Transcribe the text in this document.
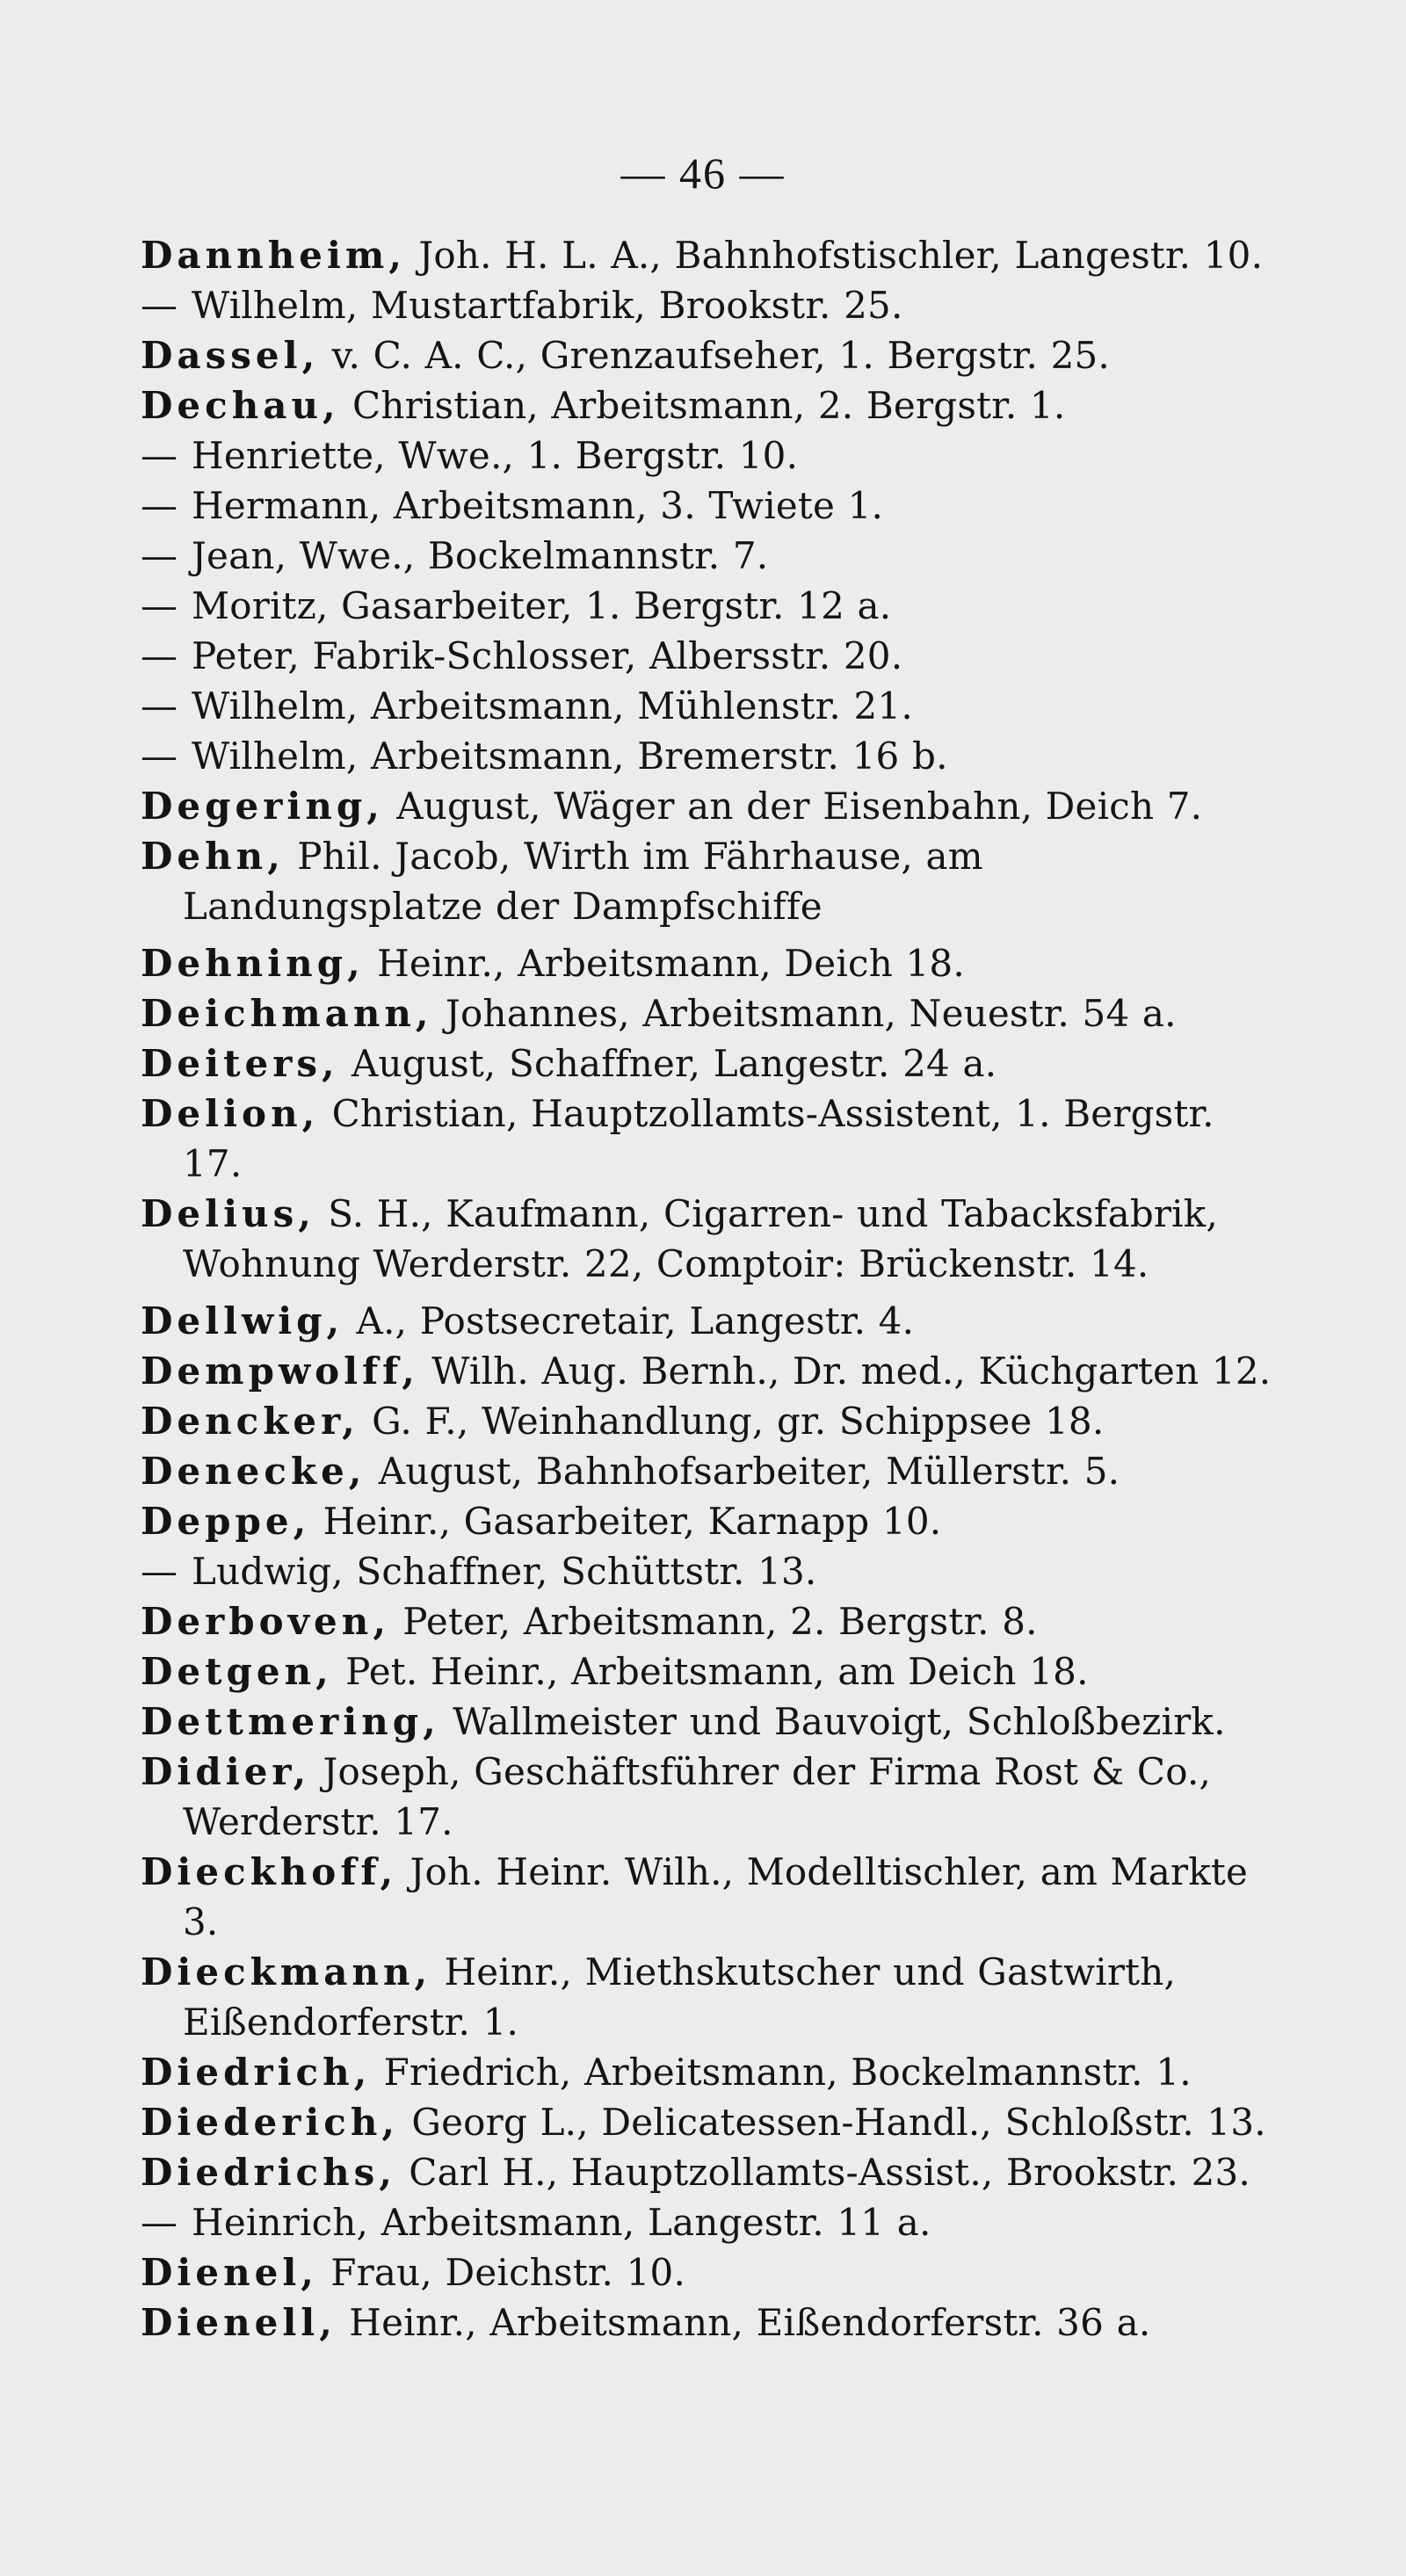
— 46 —
Dannheim, Joh. H. L. A., Bahnhofstischler, Langestr. 10.
— Wilhelm, Mustartfabrik, Brookstr. 25.
Dassel, v. C. A. C., Grenzaufseher, 1. Bergstr. 25.
Dechau, Christian, Arbeitsmann, 2. Bergstr. 1.
— Henriette, Wwe., 1. Bergstr. 10.
— Hermann, Arbeitsmann, 3. Twiete 1.
— Jean, Wwe., Bockelmannstr. 7.
— Moritz, Gasarbeiter, 1. Bergstr. 12 a.
— Peter, Fabrik-Schlosser, Albersstr. 20.
— Wilhelm, Arbeitsmann, Mühlenstr. 21.
— Wilhelm, Arbeitsmann, Bremerstr. 16 b.
Degering, August, Wäger an der Eisenbahn, Deich 7.
Dehn, Phil. Jacob, Wirth im Fährhause, am Landungsplatze der Dampfschiffe
Dehning, Heinr., Arbeitsmann, Deich 18.
Deichmann, Johannes, Arbeitsmann, Neuestr. 54 a.
Deiters, August, Schaffner, Langestr. 24 a.
Delion, Christian, Hauptzollamts-Assistent, 1. Bergstr. 17.
Delius, S. H., Kaufmann, Cigarren- und Tabacksfabrik, Wohnung Werderstr. 22, Comptoir: Brückenstr. 14.
Dellwig, A., Postsecretair, Langestr. 4.
Dempwolff, Wilh. Aug. Bernh., Dr. med., Küchgarten 12.
Dencker, G. F., Weinhandlung, gr. Schippsee 18.
Denecke, August, Bahnhofsarbeiter, Müllerstr. 5.
Deppe, Heinr., Gasarbeiter, Karnapp 10.
— Ludwig, Schaffner, Schüttstr. 13.
Derboven, Peter, Arbeitsmann, 2. Bergstr. 8.
Detgen, Pet. Heinr., Arbeitsmann, am Deich 18.
Dettmering, Wallmeister und Bauvoigt, Schloßbezirk.
Didier, Joseph, Geschäftsführer der Firma Rost & Co., Werderstr. 17.
Dieckhoff, Joh. Heinr. Wilh., Modelltischler, am Markte 3.
Dieckmann, Heinr., Miethskutscher und Gastwirth, Eißendorferstr. 1.
Diedrich, Friedrich, Arbeitsmann, Bockelmannstr. 1.
Diederich, Georg L., Delicatessen-Handl., Schloßstr. 13.
Diedrichs, Carl H., Hauptzollamts-Assist., Brookstr. 23.
— Heinrich, Arbeitsmann, Langestr. 11 a.
Dienel, Frau, Deichstr. 10.
Dienell, Heinr., Arbeitsmann, Eißendorferstr. 36 a.
